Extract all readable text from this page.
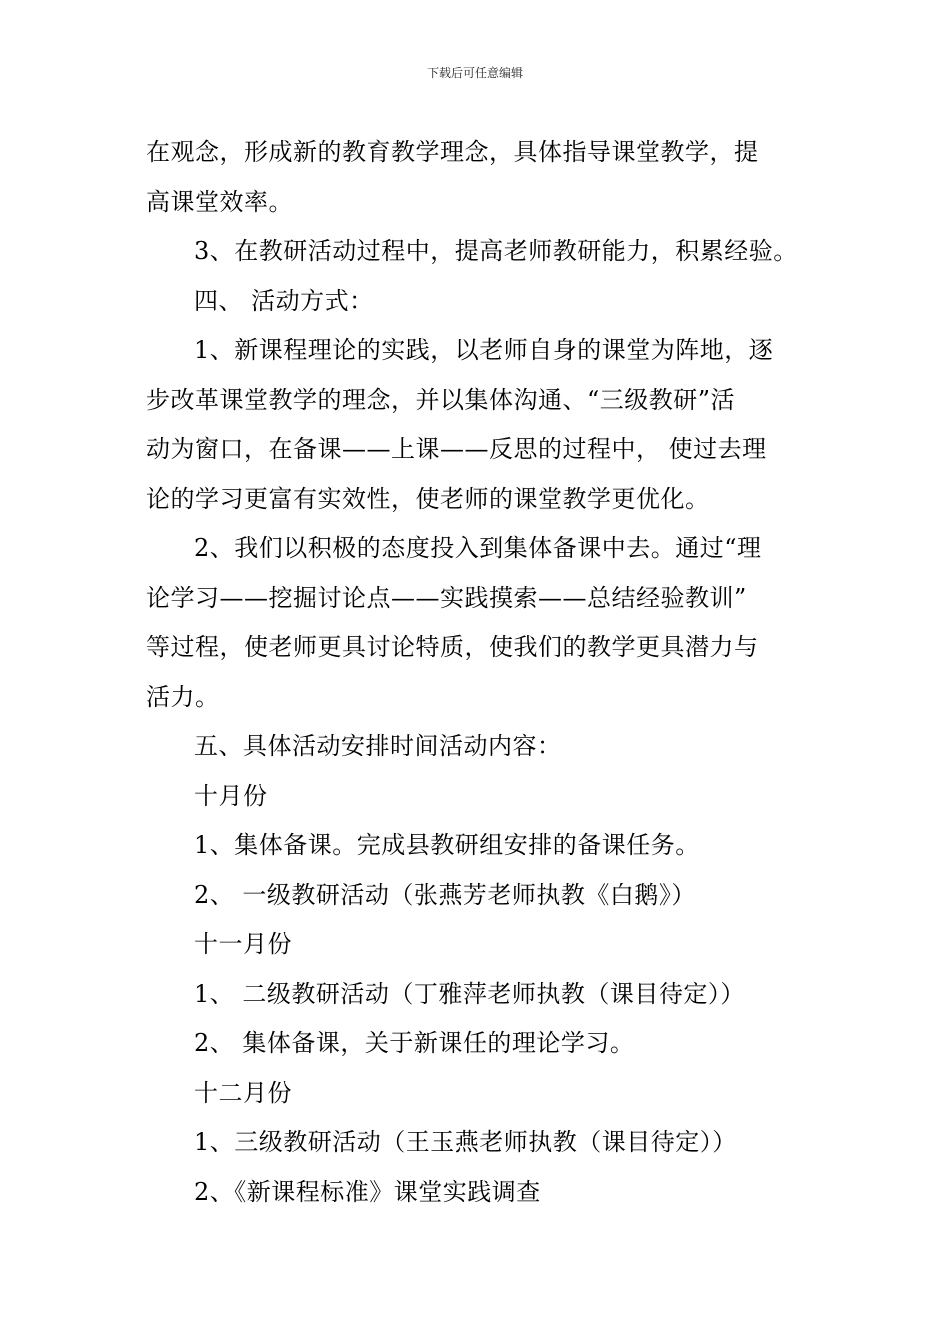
下载后可任意编辑

在观念，形成新的教育教学理念，具体指导课堂教学，提

高课堂效率。

3、在教研活动过程中，提高老师教研能力，积累经验。

四、 活动方式：

1、新课程理论的实践，以老师自身的课堂为阵地，逐

步改革课堂教学的理念，并以集体沟通、“三级教研”活

动为窗口，在备课——上课——反思的过程中， 使过去理

论的学习更富有实效性，使老师的课堂教学更优化。

2、我们以积极的态度投入到集体备课中去。通过“理

论学习——挖掘讨论点——实践摸索——总结经验教训”

等过程，使老师更具讨论特质，使我们的教学更具潜力与

活力。

五、具体活动安排时间活动内容：

十月份

1、集体备课。完成县教研组安排的备课任务。

2、 一级教研活动（张燕芳老师执教《白鹅》）

十一月份

1、 二级教研活动（丁雅萍老师执教（课目待定））

2、 集体备课，关于新课任的理论学习。

十二月份

1、三级教研活动（王玉燕老师执教（课目待定））

2、《新课程标准》课堂实践调查
